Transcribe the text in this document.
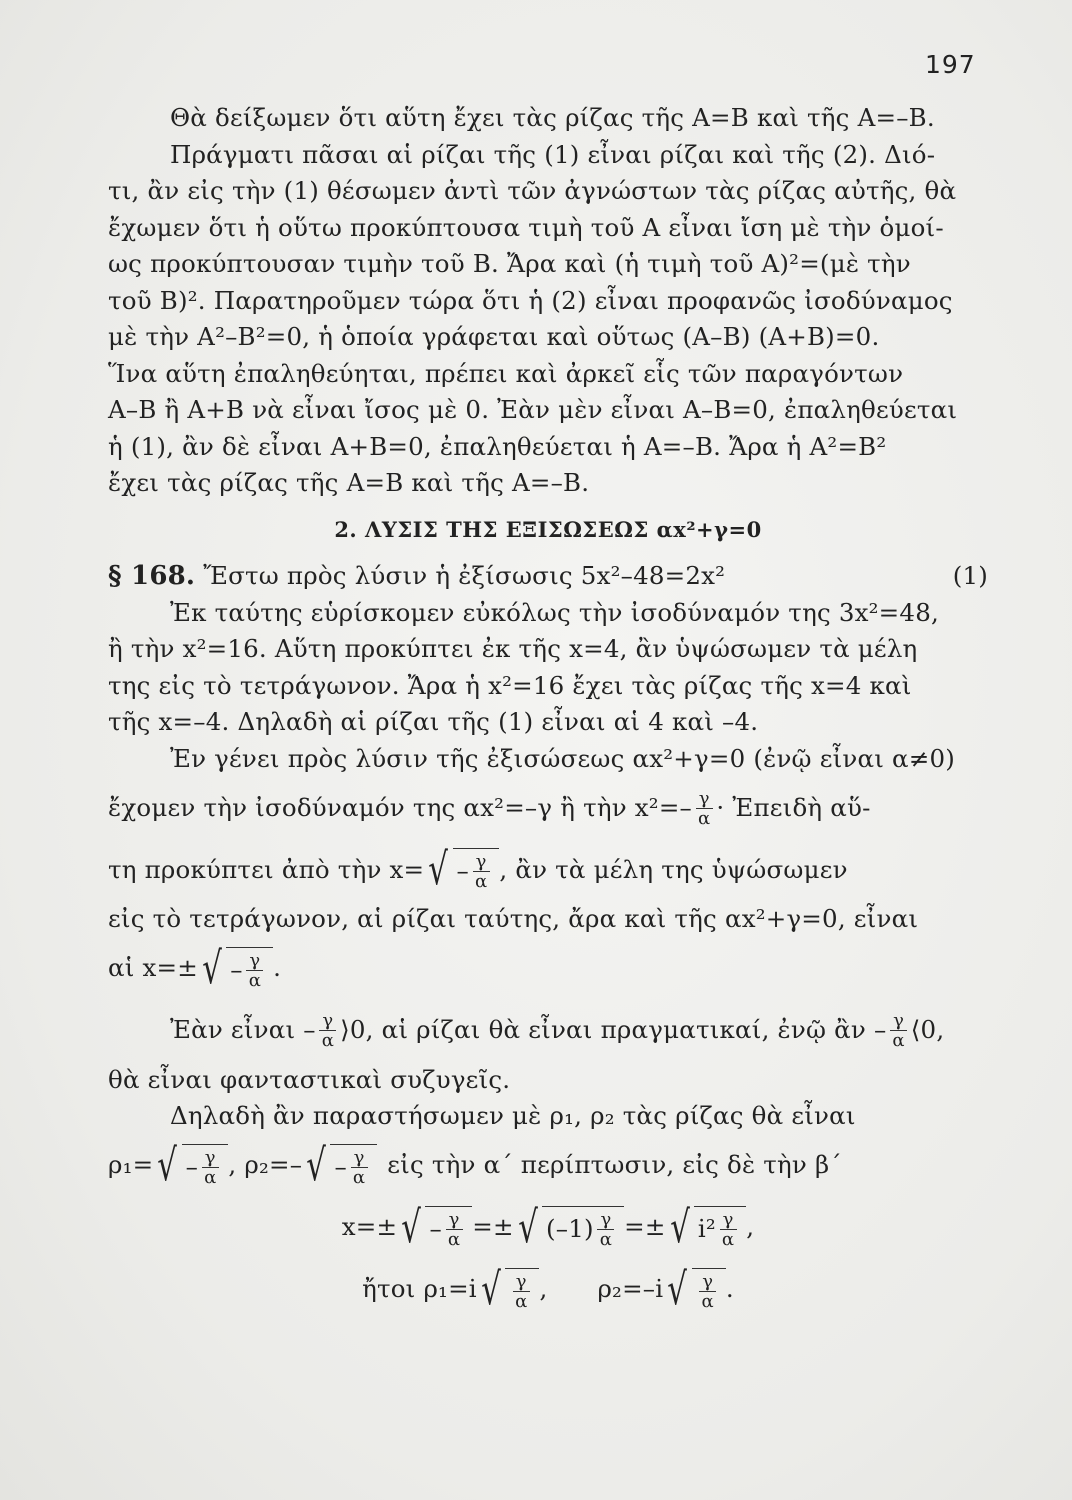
197
Θὰ δείξωμεν ὅτι αὕτη ἔχει τὰς ρίζας τῆς Α=Β καὶ τῆς Α=–Β.
Πράγματι πᾶσαι αἱ ρίζαι τῆς (1) εἶναι ρίζαι καὶ τῆς (2). Διό-
τι, ἂν εἰς τὴν (1) θέσωμεν ἀντὶ τῶν ἀγνώστων τὰς ρίζας αὐτῆς, θὰ
ἔχωμεν ὅτι ἡ οὕτω προκύπτουσα τιμὴ τοῦ Α εἶναι ἴση μὲ τὴν ὁμοί-
ως προκύπτουσαν τιμὴν τοῦ Β. Ἄρα καὶ (ἡ τιμὴ τοῦ Α)²=(μὲ τὴν
τοῦ Β)². Παρατηροῦμεν τώρα ὅτι ἡ (2) εἶναι προφανῶς ἰσοδύναμος
μὲ τὴν Α²–Β²=0, ἡ ὁποία γράφεται καὶ οὕτως (Α–Β) (Α+Β)=0.
Ἵνα αὕτη ἐπαληθεύηται, πρέπει καὶ ἀρκεῖ εἷς τῶν παραγόντων
Α–Β ἢ Α+Β νὰ εἶναι ἴσος μὲ 0. Ἐὰν μὲν εἶναι Α–Β=0, ἐπαληθεύεται
ἡ (1), ἂν δὲ εἶναι Α+Β=0, ἐπαληθεύεται ἡ Α=–Β. Ἄρα ἡ Α²=Β²
ἔχει τὰς ρίζας τῆς Α=Β καὶ τῆς Α=–Β.
2. ΛΥΣΙΣ ΤΗΣ ΕΞΙΣΩΣΕΩΣ αx²+γ=0
§ 168. Ἔστω πρὸς λύσιν ἡ ἐξίσωσις 5x²–48=2x²	(1)
Ἐκ ταύτης εὑρίσκομεν εὐκόλως τὴν ἰσοδύναμόν της 3x²=48,
ἢ τὴν x²=16. Αὕτη προκύπτει ἐκ τῆς x=4, ἂν ὑψώσωμεν τὰ μέλη
της εἰς τὸ τετράγωνον. Ἄρα ἡ x²=16 ἔχει τὰς ρίζας τῆς x=4 καὶ
τῆς x=–4. Δηλαδὴ αἱ ρίζαι τῆς (1) εἶναι αἱ 4 καὶ –4.
Ἐν γένει πρὸς λύσιν τῆς ἐξισώσεως αx²+γ=0 (ἐνῷ εἶναι α≠0)
ἔχομεν τὴν ἰσοδύναμόν της αx²=–γ ἢ τὴν $x^2=- \frac{\gamma}{\alpha}$ · Ἐπειδὴ αὕ-
τη προκύπτει ἀπὸ τὴν x= √ – $\frac{\gamma}{\alpha}$ , ἂν τὰ μέλη της ὑψώσωμεν
εἰς τὸ τετράγωνον, αἱ ρίζαι ταύτης, ἄρα καὶ τῆς αx²+γ=0, εἶναι
αἱ x=± √ – $\frac{\gamma}{\alpha}$ .
Ἐὰν εἶναι – $\frac{\gamma}{\alpha}$ ⟩0, αἱ ρίζαι θὰ εἶναι πραγματικαί, ἐνῷ ἂν – $\frac{\gamma}{\alpha}$ ⟨0,
θὰ εἶναι φανταστικαὶ συζυγεῖς.
Δηλαδὴ ἂν παραστήσωμεν μὲ ρ₁, ρ₂ τὰς ρίζας θὰ εἶναι
ρ₁= √ – $\frac{\gamma}{\alpha}$ , ρ₂=– √ – $\frac{\gamma}{\alpha}$ εἰς τὴν α΄ περίπτωσιν, εἰς δὲ τὴν β΄
x=± √ – $\frac{\gamma}{\alpha}$ =± √ $(-1) \frac{\gamma}{\alpha}$ =± √ $i^2 \frac{\gamma}{\alpha}$ ,
ἤτοι ρ₁=i √ $\frac{\gamma}{\alpha}$ , ρ₂=–i √ $\frac{\gamma}{\alpha}$ .
